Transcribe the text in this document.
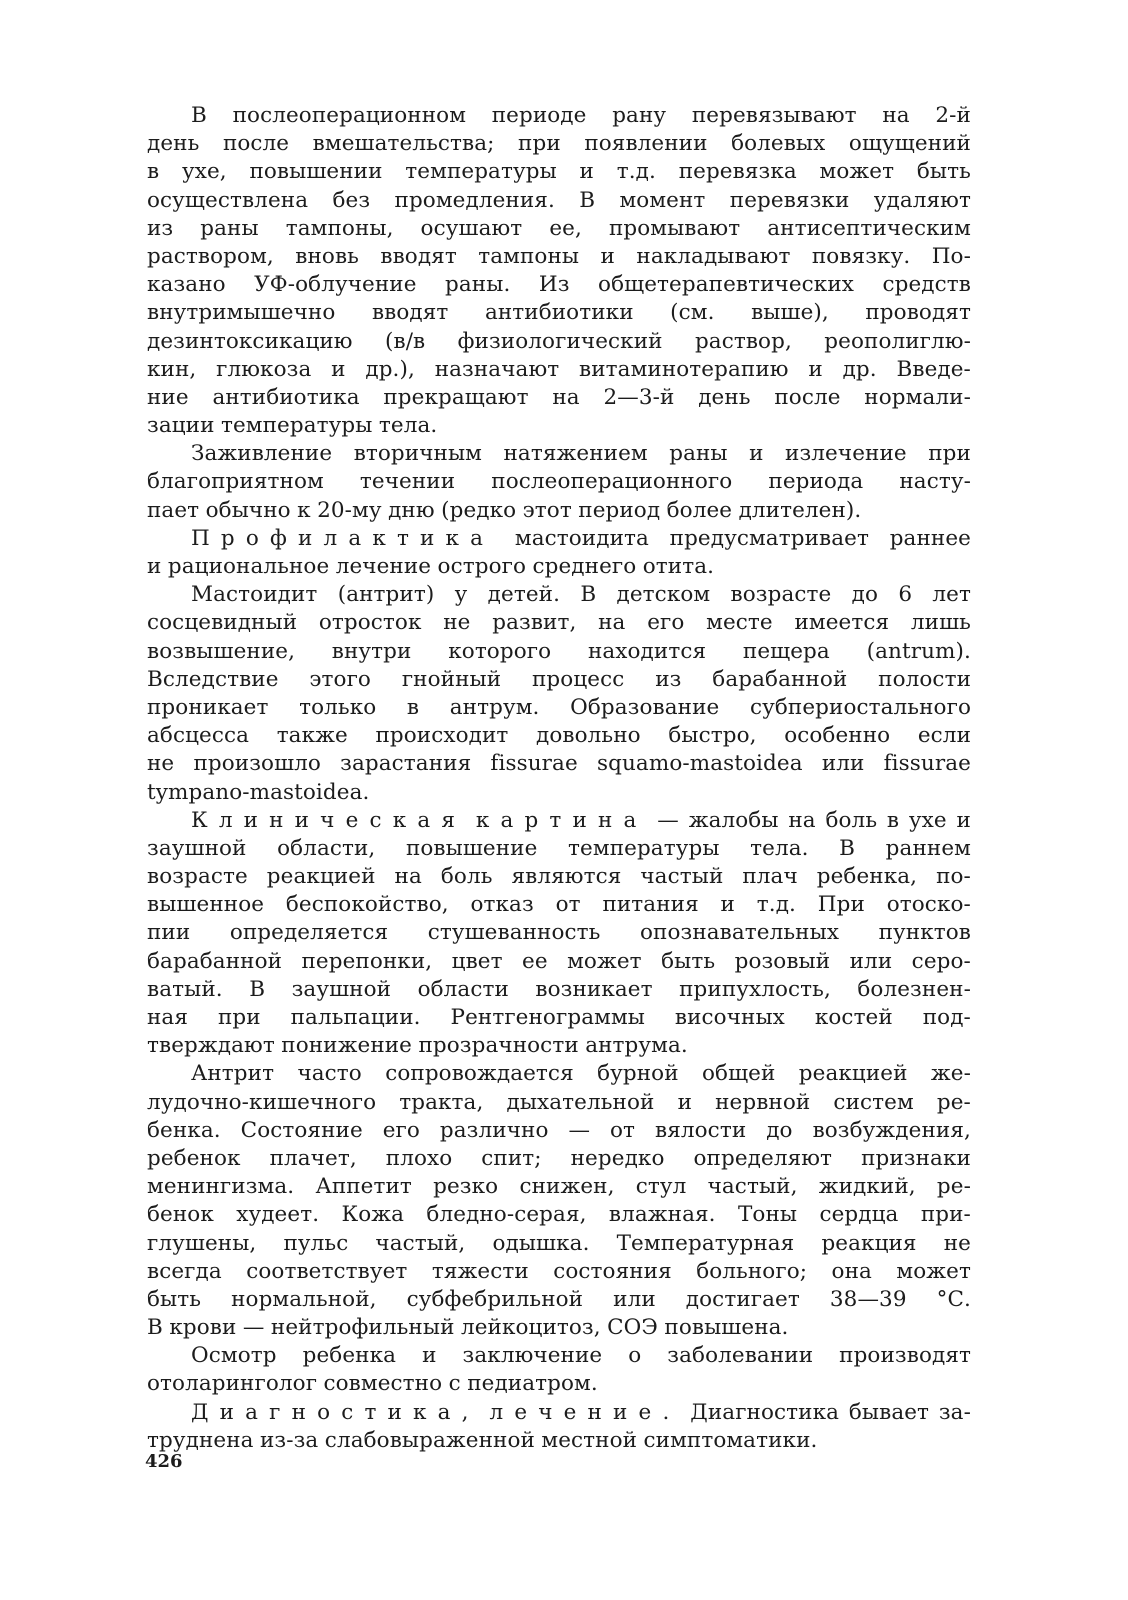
В послеоперационном периоде рану перевязывают на 2-й
день после вмешательства; при появлении болевых ощущений
в ухе, повышении температуры и т.д. перевязка может быть
осуществлена без промедления. В момент перевязки удаляют
из раны тампоны, осушают ее, промывают антисептическим
раствором, вновь вводят тампоны и накладывают повязку. По-
казано УФ-облучение раны. Из общетерапевтических средств
внутримышечно вводят антибиотики (см. выше), проводят
дезинтоксикацию (в/в физиологический раствор, реополиглю-
кин, глюкоза и др.), назначают витаминотерапию и др. Введе-
ние антибиотика прекращают на 2—3-й день после нормали-
зации температуры тела.
Заживление вторичным натяжением раны и излечение при
благоприятном течении послеоперационного периода насту-
пает обычно к 20-му дню (редко этот период более длителен).
Профилактика мастоидита предусматривает раннее
и рациональное лечение острого среднего отита.
Мастоидит (антрит) у детей. В детском возрасте до 6 лет
сосцевидный отросток не развит, на его месте имеется лишь
возвышение, внутри которого находится пещера (antrum).
Вследствие этого гнойный процесс из барабанной полости
проникает только в антрум. Образование субпериостального
абсцесса также происходит довольно быстро, особенно если
не произошло зарастания fissurae squamo-mastoidea или fissurae
tympano-mastoidea.
Клиническая картина — жалобы на боль в ухе и
заушной области, повышение температуры тела. В раннем
возрасте реакцией на боль являются частый плач ребенка, по-
вышенное беспокойство, отказ от питания и т.д. При отоско-
пии определяется стушеванность опознавательных пунктов
барабанной перепонки, цвет ее может быть розовый или серо-
ватый. В заушной области возникает припухлость, болезнен-
ная при пальпации. Рентгенограммы височных костей под-
тверждают понижение прозрачности антрума.
Антрит часто сопровождается бурной общей реакцией же-
лудочно-кишечного тракта, дыхательной и нервной систем ре-
бенка. Состояние его различно — от вялости до возбуждения,
ребенок плачет, плохо спит; нередко определяют признаки
менингизма. Аппетит резко снижен, стул частый, жидкий, ре-
бенок худеет. Кожа бледно-серая, влажная. Тоны сердца при-
глушены, пульс частый, одышка. Температурная реакция не
всегда соответствует тяжести состояния больного; она может
быть нормальной, субфебрильной или достигает 38—39 °С.
В крови — нейтрофильный лейкоцитоз, СОЭ повышена.
Осмотр ребенка и заключение о заболевании производят
отоларинголог совместно с педиатром.
Диагностика, лечение. Диагностика бывает за-
труднена из-за слабовыраженной местной симптоматики.
426
